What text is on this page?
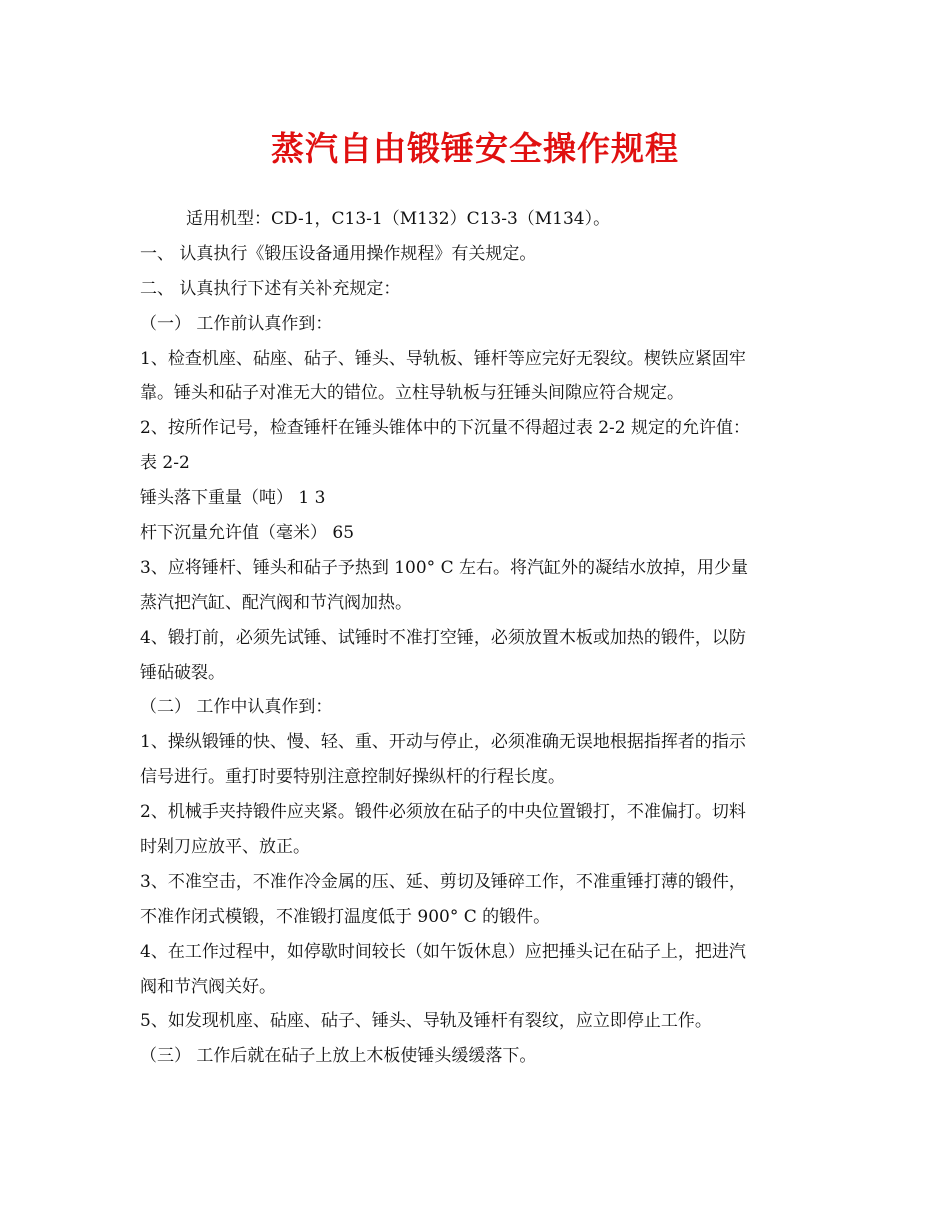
蒸汽自由锻锤安全操作规程
适用机型：CD-1，C13-1（M132）C13-3（M134）。
一、 认真执行《锻压设备通用操作规程》有关规定。
二、 认真执行下述有关补充规定：
（一） 工作前认真作到：
1、检查机座、砧座、砧子、锤头、导轨板、锤杆等应完好无裂纹。楔铁应紧固牢
靠。锤头和砧子对准无大的错位。立柱导轨板与狂锤头间隙应符合规定。
2、按所作记号，检查锤杆在锤头锥体中的下沉量不得超过表 2-2 规定的允许值：
表 2-2
锤头落下重量（吨） 1 3
杆下沉量允许值（毫米） 65
3、应将锤杆、锤头和砧子予热到 100° C 左右。将汽缸外的凝结水放掉，用少量
蒸汽把汽缸、配汽阀和节汽阀加热。
4、锻打前，必须先试锤、试锤时不准打空锤，必须放置木板或加热的锻件，以防
锤砧破裂。
（二） 工作中认真作到：
1、操纵锻锤的快、慢、轻、重、开动与停止，必须准确无误地根据指挥者的指示
信号进行。重打时要特别注意控制好操纵杆的行程长度。
2、机械手夹持锻件应夹紧。锻件必须放在砧子的中央位置锻打，不准偏打。切料
时剁刀应放平、放正。
3、不准空击，不准作冷金属的压、延、剪切及锤碎工作，不准重锤打薄的锻件，
不准作闭式模锻，不准锻打温度低于 900° C 的锻件。
4、在工作过程中，如停歇时间较长（如午饭休息）应把捶头记在砧子上，把进汽
阀和节汽阀关好。
5、如发现机座、砧座、砧子、锤头、导轨及锤杆有裂纹，应立即停止工作。
（三） 工作后就在砧子上放上木板使锤头缓缓落下。
